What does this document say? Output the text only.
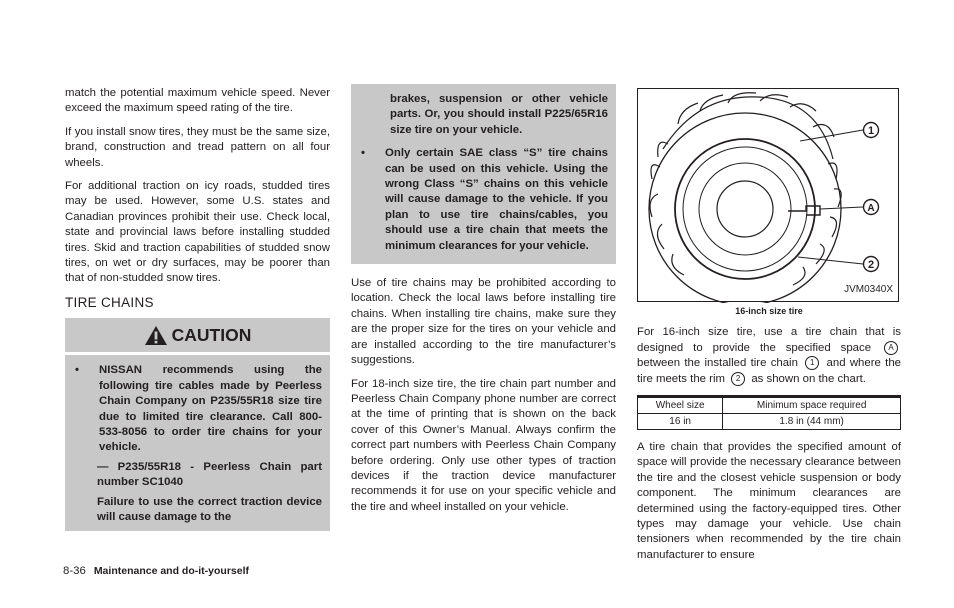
match the potential maximum vehicle speed. Never exceed the maximum speed rating of the tire.

If you install snow tires, they must be the same size, brand, construction and tread pattern on all four wheels.

For additional traction on icy roads, studded tires may be used. However, some U.S. states and Canadian provinces prohibit their use. Check local, state and provincial laws before installing studded tires. Skid and traction capabilities of studded snow tires, on wet or dry surfaces, may be poorer than that of non-studded snow tires.

TIRE CHAINS
CAUTION
•	NISSAN recommends using the following tire cables made by Peerless Chain Company on P235/55R18 size tire due to limited tire clearance. Call 800-533-8056 to order tire chains for your vehicle.
— P235/55R18 - Peerless Chain part number SC1040
Failure to use the correct traction device will cause damage to the

brakes, suspension or other vehicle parts. Or, you should install P225/65R16 size tire on your vehicle.

•	Only certain SAE class “S” tire chains can be used on this vehicle. Using the wrong Class “S” chains on this vehicle will cause damage to the vehicle. If you plan to use tire chains/cables, you should use a tire chain that meets the minimum clearances for your vehicle.

Use of tire chains may be prohibited according to location. Check the local laws before installing tire chains. When installing tire chains, make sure they are the proper size for the tires on your vehicle and are installed according to the tire manufacturer’s suggestions.

For 18-inch size tire, the tire chain part number and Peerless Chain Company phone number are correct at the time of printing that is shown on the back cover of this Owner’s Manual. Always confirm the correct part numbers with Peerless Chain Company before ordering. Only use other types of traction devices if the traction device manufacturer recommends it for use on your specific vehicle and the tire and wheel installed on your vehicle.

1
A
2
JVM0340X
16-inch size tire

For 16-inch size tire, use a tire chain that is designed to provide the specified space A between the installed tire chain 1 and where the tire meets the rim 2 as shown on the chart.

Wheel size	Minimum space required
16 in	1.8 in (44 mm)

A tire chain that provides the specified amount of space will provide the necessary clearance between the tire and the closest vehicle suspension or body component. The minimum clearances are determined using the factory-equipped tires. Other types may damage your vehicle. Use chain tensioners when recommended by the tire chain manufacturer to ensure

8-36 Maintenance and do-it-yourself
